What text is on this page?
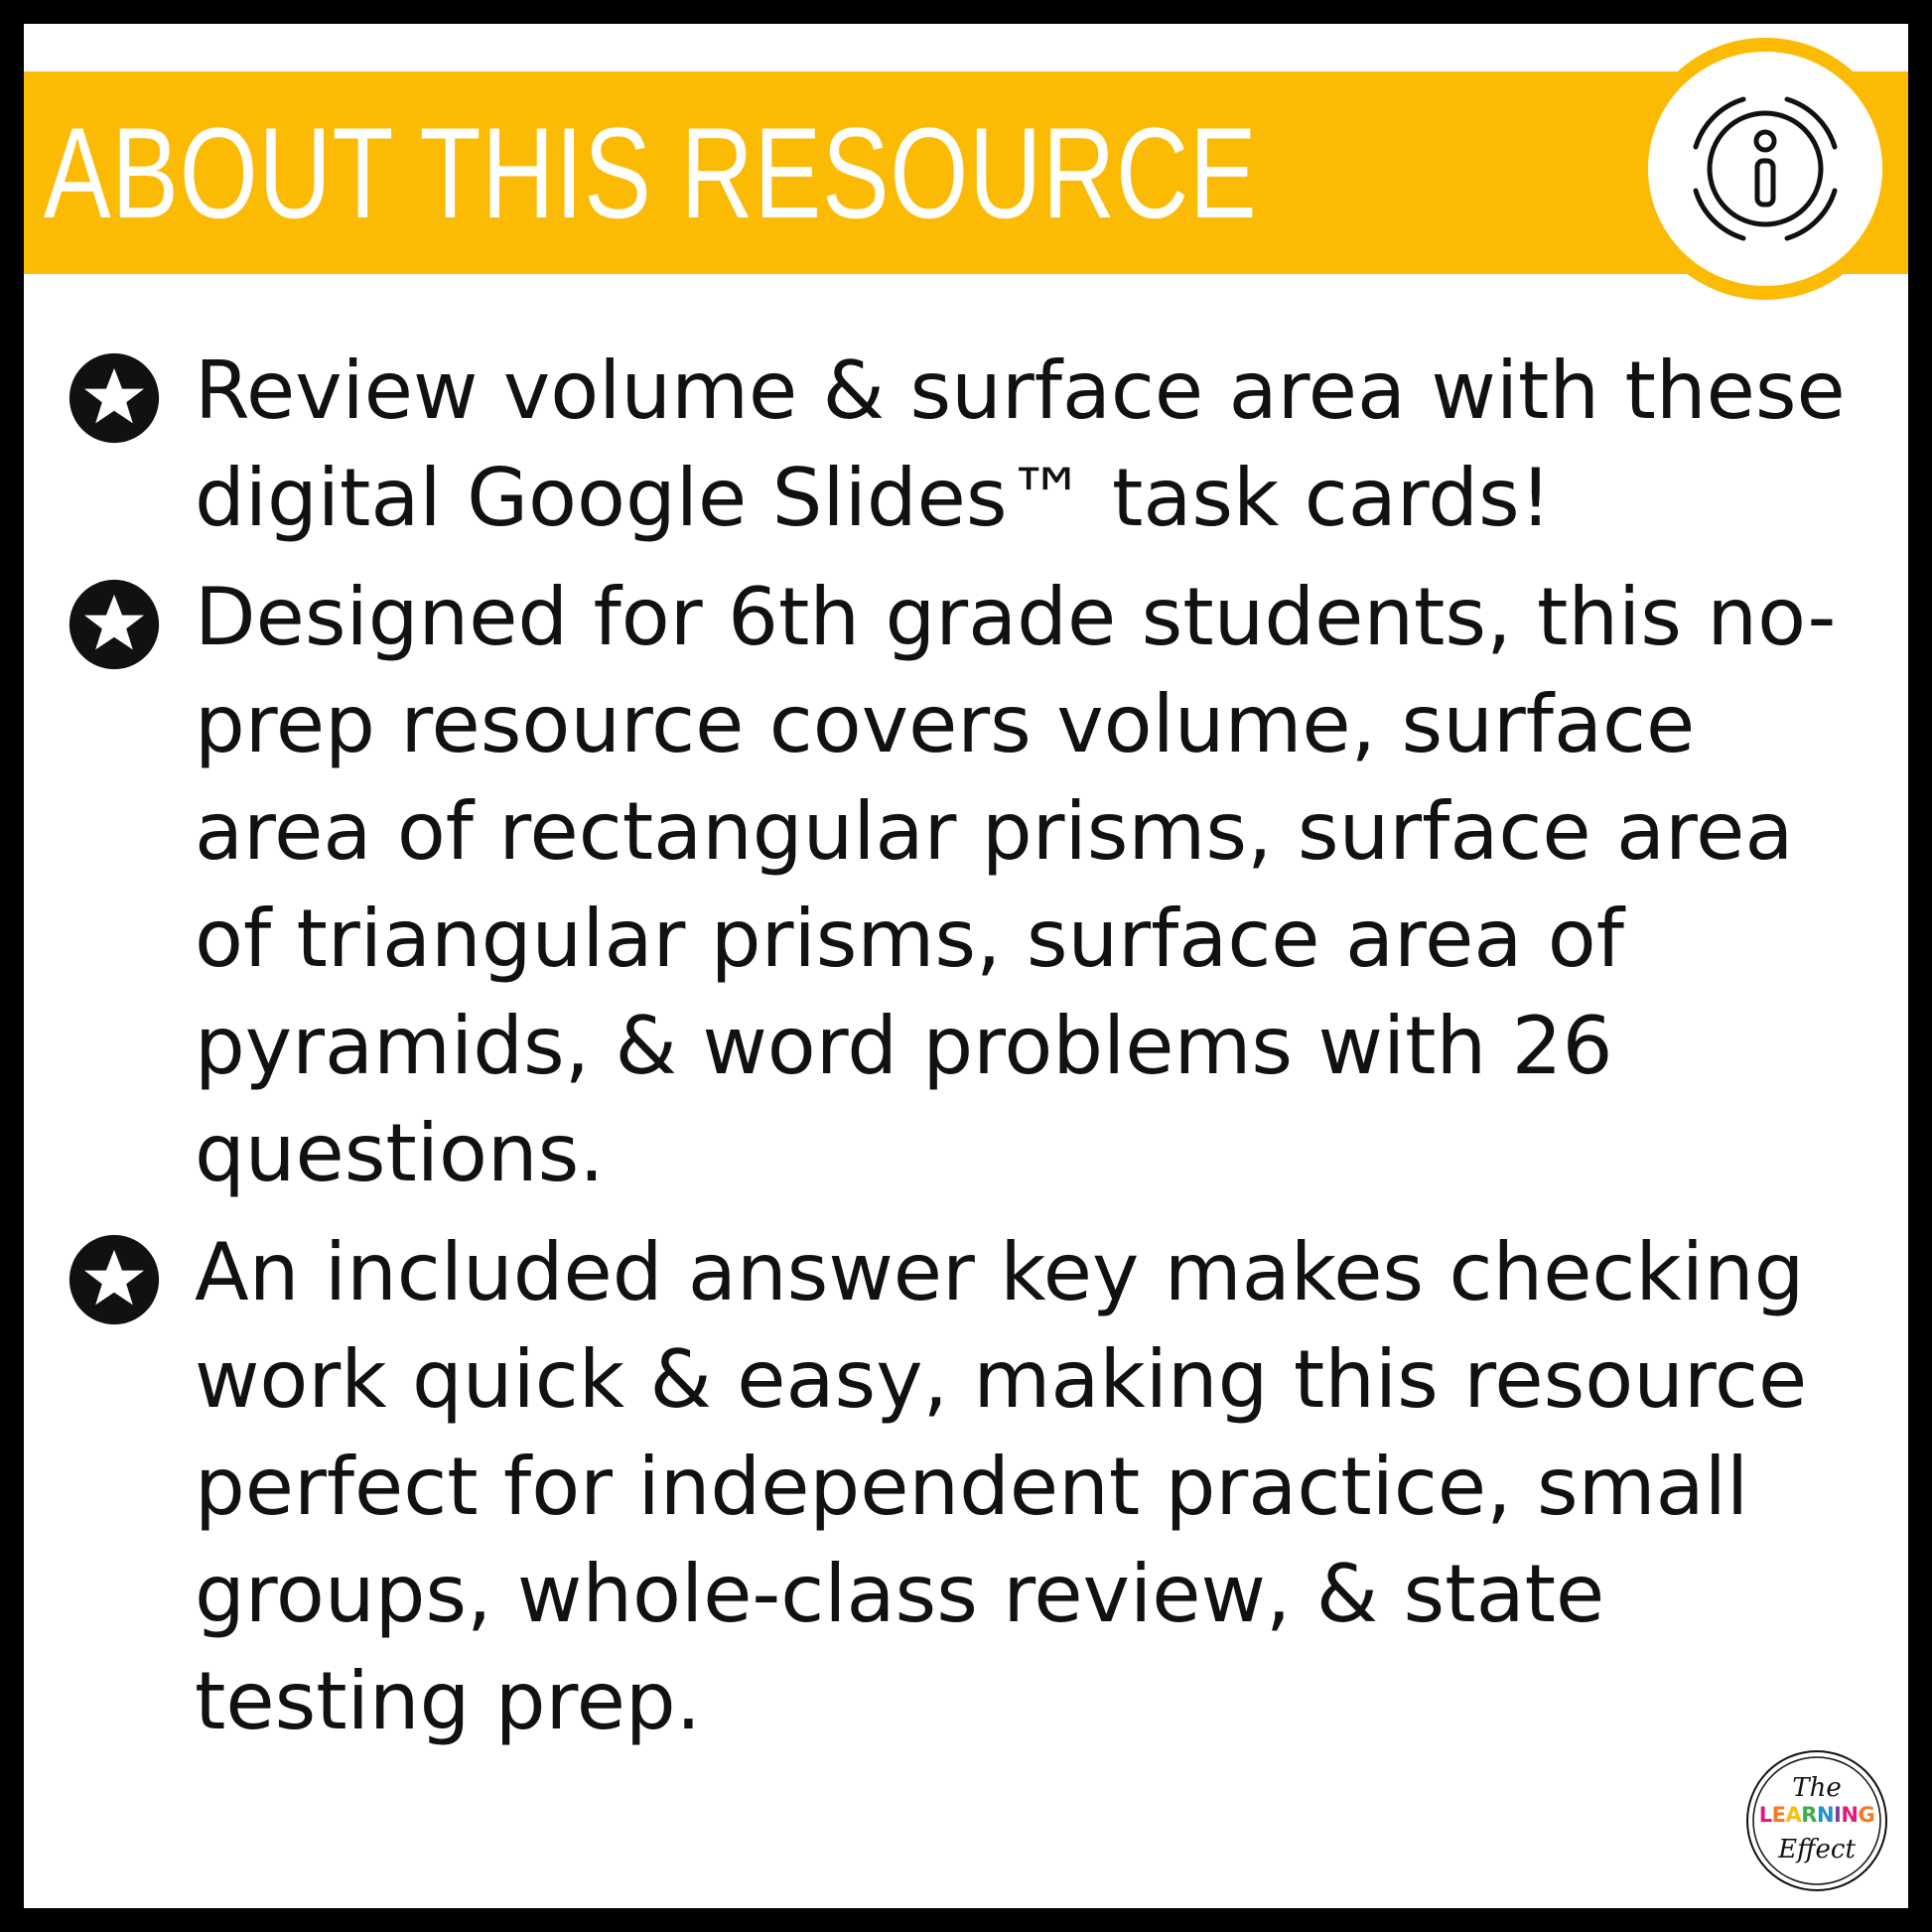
ABOUT THIS RESOURCE
Review volume & surface area with these digital Google Slides™ task cards!
Designed for 6th grade students, this no-prep resource covers volume, surface area of rectangular prisms, surface area of triangular prisms, surface area of pyramids, & word problems with 26 questions.
An included answer key makes checking work quick & easy, making this resource perfect for independent practice, small groups, whole-class review, & state testing prep.
The
LEARNING
Effect
